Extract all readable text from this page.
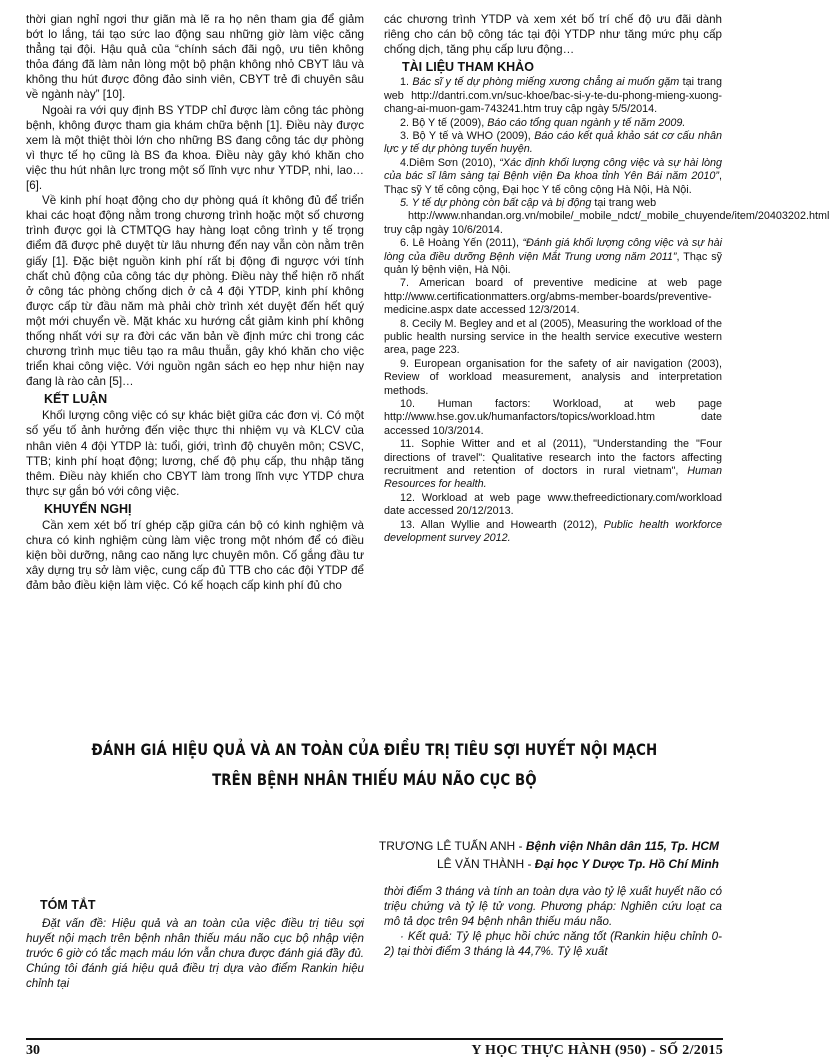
thời gian nghỉ ngơi thư giãn mà lẽ ra họ nên tham gia để giảm bớt lo lắng, tái tạo sức lao động sau những giờ làm việc căng thẳng tại đội. Hậu quả của “chính sách đãi ngộ, ưu tiên không thỏa đáng đã làm nản lòng một bộ phận không nhỏ CBYT lâu và không thu hút được đông đảo sinh viên, CBYT trẻ đi chuyên sâu về ngành này” [10].

Ngoài ra với quy định BS YTDP chỉ được làm công tác phòng bệnh, không được tham gia khám chữa bệnh [1]. Điều này được xem là một thiệt thòi lớn cho những BS đang công tác dự phòng vì thực tế họ cũng là BS đa khoa. Điều này gây khó khăn cho việc thu hút nhân lực trong một số lĩnh vực như YTDP, nhi, lao… [6].

Về kinh phí hoạt động cho dự phòng quá ít không đủ để triển khai các hoạt động nằm trong chương trình hoặc một số chương trình được gọi là CTMTQG hay hàng loạt công trình y tế trọng điểm đã được phê duyệt từ lâu nhưng đến nay vẫn còn nằm trên giấy [1]. Đặc biệt nguồn kinh phí rất bị động đi ngược với tính chất chủ động của công tác dự phòng. Điều này thể hiện rõ nhất ở công tác phòng chống dịch ở cả 4 đội YTDP, kinh phí không được cấp từ đầu năm mà phải chờ trình xét duyệt đến hết quý một mới chuyển về. Mặt khác xu hướng cắt giảm kinh phí không thống nhất với sự ra đời các văn bản về định mức chi trong các chương trình mục tiêu tạo ra mâu thuẫn, gây khó khăn cho việc triển khai công việc. Với nguồn ngân sách eo hẹp như hiện nay đang là rào cản [5]…

KẾT LUẬN

Khối lượng công việc có sự khác biệt giữa các đơn vị. Có một số yếu tố ảnh hưởng đến việc thực thi nhiệm vụ và KLCV của nhân viên 4 đội YTDP là: tuổi, giới, trình độ chuyên môn; CSVC, TTB; kinh phí hoạt động; lương, chế độ phụ cấp, thu nhập tăng thêm. Điều này khiến cho CBYT làm trong lĩnh vực YTDP chưa thực sự gắn bó với công việc.

KHUYẾN NGHỊ

Cần xem xét bố trí ghép cặp giữa cán bộ có kinh nghiệm và chưa có kinh nghiệm cùng làm việc trong một nhóm để có điều kiện bồi dưỡng, nâng cao năng lực chuyên môn. Cố gắng đầu tư xây dựng trụ sở làm việc, cung cấp đủ TTB cho các đội YTDP để đảm bảo điều kiện làm việc. Có kế hoạch cấp kinh phí đủ cho

các chương trình YTDP và xem xét bố trí chế độ ưu đãi dành riêng cho cán bộ công tác tại đội YTDP như tăng mức phụ cấp chống dịch, tăng phụ cấp lưu động…

TÀI LIỆU THAM KHẢO

1. Bác sĩ y tế dự phòng miếng xương chẳng ai muốn gặm tại trang web http://dantri.com.vn/suc-khoe/bac-si-y-te-du-phong-mieng-xuong-chang-ai-muon-gam-743241.htm truy cập ngày 5/5/2014.

2. Bộ Y tế (2009), Báo cáo tổng quan ngành y tế năm 2009.

3. Bộ Y tế và WHO (2009), Báo cáo kết quả khảo sát cơ cấu nhân lực y tế dự phòng tuyến huyện.

4.Diêm Sơn (2010), “Xác định khối lượng công việc và sự hài lòng của bác sĩ lâm sàng tại Bệnh viện Đa khoa tỉnh Yên Bái năm 2010”, Thạc sỹ Y tế công cộng, Đại học Y tế công cộng Hà Nội, Hà Nội.

5. Y tế dự phòng còn bất cập và bị động tại trang web

http://www.nhandan.org.vn/mobile/_mobile_ndct/_mobile_chuyende/item/20403202.html truy cập ngày 10/6/2014.

6. Lê Hoàng Yến (2011), “Đánh giá khối lượng công việc và sự hài lòng của điều dưỡng Bệnh viện Mắt Trung ương năm 2011”, Thạc sỹ quản lý bệnh viện, Hà Nội.

7. American board of preventive medicine at web page http://www.certificationmatters.org/abms-member-boards/preventive-medicine.aspx date accessed 12/3/2014.

8. Cecily M. Begley and et al (2005), Measuring the workload of the public health nursing service in the health service executive western area, page 223.

9. European organisation for the safety of air navigation (2003), Review of workload measurement, analysis and interpretation methods.

10. Human factors: Workload, at web page http://www.hse.gov.uk/humanfactors/topics/workload.htm date accessed 10/3/2014.

11. Sophie Witter and et al (2011), "Understanding the "Four directions of travel": Qualitative research into the factors affecting recruitment and retention of doctors in rural vietnam", Human Resources for health.

12. Workload at web page www.thefreedictionary.com/workload date accessed 20/12/2013.

13. Allan Wyllie and Howearth (2012), Public health workforce development survey 2012.

ĐÁNH GIÁ HIỆU QUẢ VÀ AN TOÀN CỦA ĐIỀU TRỊ TIÊU SỢI HUYẾT NỘI MẠCH
TRÊN BỆNH NHÂN THIẾU MÁU NÃO CỤC BỘ
TRƯƠNG LÊ TUẤN ANH - Bệnh viện Nhân dân 115, Tp. HCM
LÊ VĂN THÀNH - Đại học Y Dược Tp. Hồ Chí Minh
TÓM TẮT

Đặt vấn đề: Hiệu quả và an toàn của việc điều trị tiêu sợi huyết nội mạch trên bệnh nhân thiếu máu não cục bộ nhập viện trước 6 giờ có tắc mạch máu lớn vẫn chưa được đánh giá đầy đủ. Chúng tôi đánh giá hiệu quả điều trị dựa vào điểm Rankin hiệu chỉnh tại

thời điểm 3 tháng và tính an toàn dựa vào tỷ lệ xuất huyết não có triệu chứng và tỷ lệ tử vong. Phương pháp: Nghiên cứu loạt ca mô tả dọc trên 94 bệnh nhân thiếu máu não.

· Kết quả: Tỷ lệ phục hồi chức năng tốt (Rankin hiệu chỉnh 0-2) tại thời điểm 3 tháng là 44,7%. Tỷ lệ xuất

30	Y HỌC THỰC HÀNH (950) - SỐ 2/2015
